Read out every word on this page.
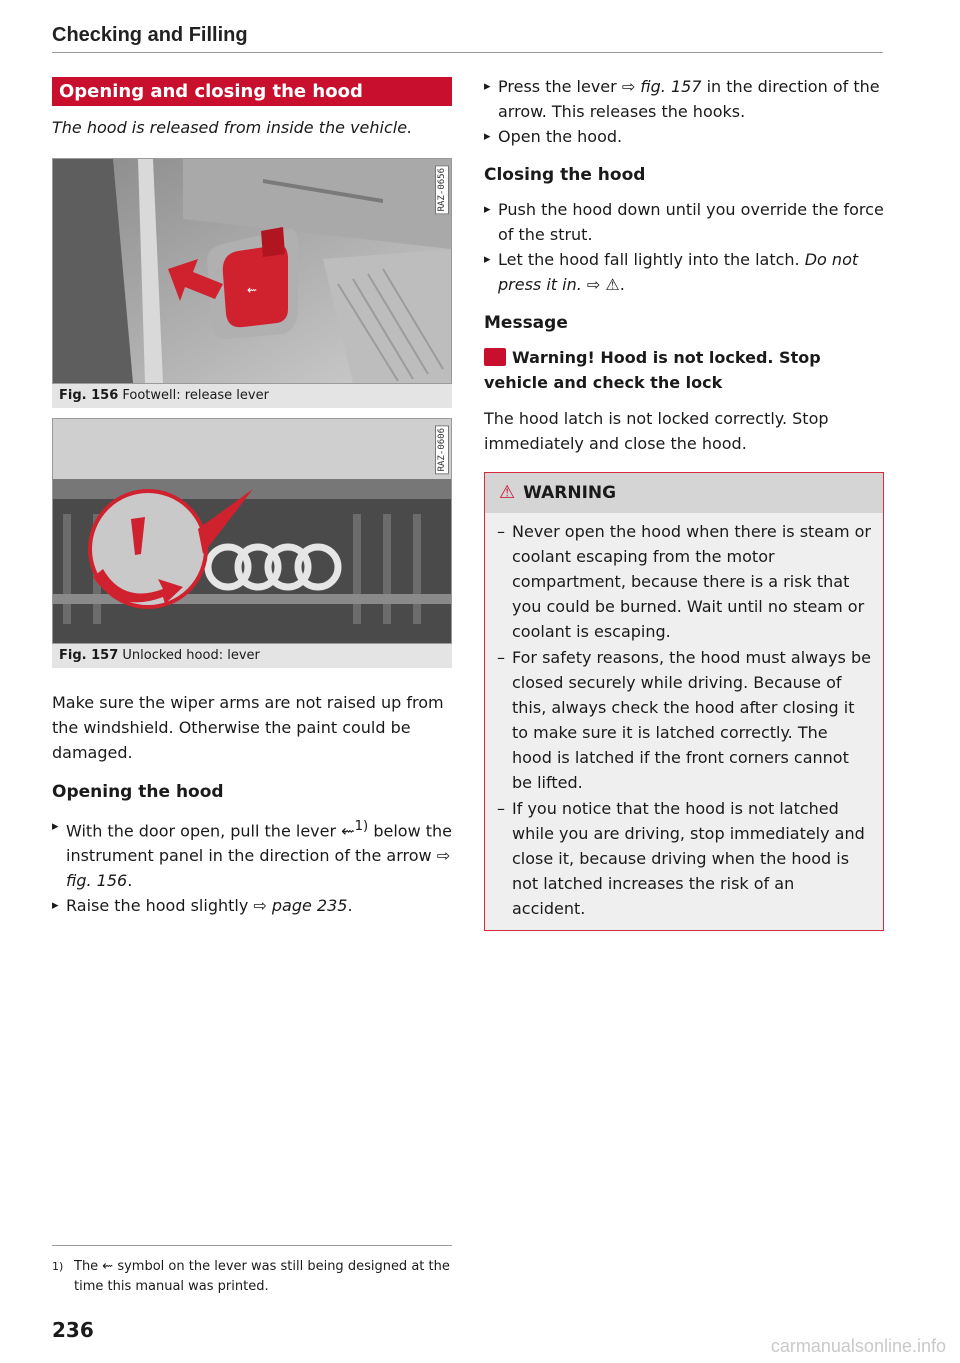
Checking and Filling
Opening and closing the hood

The hood is released from inside the vehicle.

⇜
RAZ-0656
Fig. 156 Footwell: release lever
RAZ-0606
Fig. 157 Unlocked hood: lever

Make sure the wiper arms are not raised up from the windshield. Otherwise the paint could be damaged.

Opening the hood
▸ With the door open, pull the lever ⇜$^{1)}$ below the instrument panel in the direction of the arrow ⇨ fig. 156.
▸ Raise the hood slightly ⇨ page 235.
▸ Press the lever ⇨ fig. 157 in the direction of the arrow. This releases the hooks.
▸ Open the hood.
Closing the hood
▸ Push the hood down until you override the force of the strut.
▸ Let the hood fall lightly into the latch. Do not press it in. ⇨ ⚠.
Message
Warning! Hood is not locked. Stop vehicle and check the lock

The hood latch is not locked correctly. Stop immediately and close the hood.

⚠ WARNING
– Never open the hood when there is steam or coolant escaping from the motor compartment, because there is a risk that you could be burned. Wait until no steam or coolant is escaping.
– For safety reasons, the hood must always be closed securely while driving. Because of this, always check the hood after closing it to make sure it is latched correctly. The hood is latched if the front corners cannot be lifted.
– If you notice that the hood is not latched while you are driving, stop immediately and close it, because driving when the hood is not latched increases the risk of an accident.
1) The ⇜ symbol on the lever was still being designed at the time this manual was printed.
236
carmanualsonline.info
